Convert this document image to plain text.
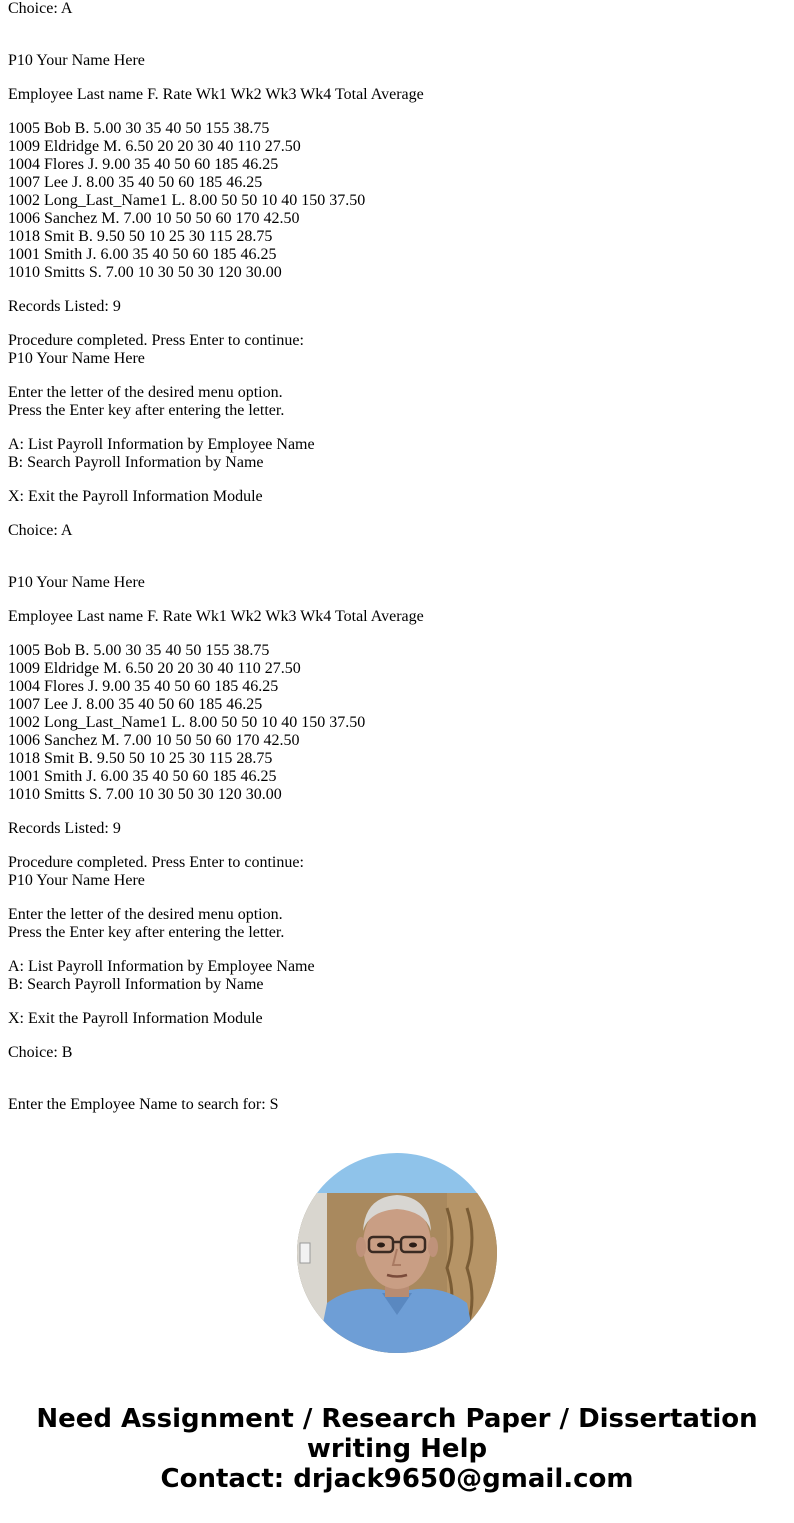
Choice: A
P10 Your Name Here
Employee Last name F. Rate Wk1 Wk2 Wk3 Wk4 Total Average
1005 Bob B. 5.00 30 35 40 50 155 38.75
1009 Eldridge M. 6.50 20 20 30 40 110 27.50
1004 Flores J. 9.00 35 40 50 60 185 46.25
1007 Lee J. 8.00 35 40 50 60 185 46.25
1002 Long_Last_Name1 L. 8.00 50 50 10 40 150 37.50
1006 Sanchez M. 7.00 10 50 50 60 170 42.50
1018 Smit B. 9.50 50 10 25 30 115 28.75
1001 Smith J. 6.00 35 40 50 60 185 46.25
1010 Smitts S. 7.00 10 30 50 30 120 30.00
Records Listed: 9
Procedure completed. Press Enter to continue:
P10 Your Name Here
Enter the letter of the desired menu option.
Press the Enter key after entering the letter.
A: List Payroll Information by Employee Name
B: Search Payroll Information by Name
X: Exit the Payroll Information Module
Choice: A
P10 Your Name Here
Employee Last name F. Rate Wk1 Wk2 Wk3 Wk4 Total Average
1005 Bob B. 5.00 30 35 40 50 155 38.75
1009 Eldridge M. 6.50 20 20 30 40 110 27.50
1004 Flores J. 9.00 35 40 50 60 185 46.25
1007 Lee J. 8.00 35 40 50 60 185 46.25
1002 Long_Last_Name1 L. 8.00 50 50 10 40 150 37.50
1006 Sanchez M. 7.00 10 50 50 60 170 42.50
1018 Smit B. 9.50 50 10 25 30 115 28.75
1001 Smith J. 6.00 35 40 50 60 185 46.25
1010 Smitts S. 7.00 10 30 50 30 120 30.00
Records Listed: 9
Procedure completed. Press Enter to continue:
P10 Your Name Here
Enter the letter of the desired menu option.
Press the Enter key after entering the letter.
A: List Payroll Information by Employee Name
B: Search Payroll Information by Name
X: Exit the Payroll Information Module
Choice: B
Enter the Employee Name to search for: S
Need Assignment / Research Paper / Dissertation
writing Help
Contact: drjack9650@gmail.com
